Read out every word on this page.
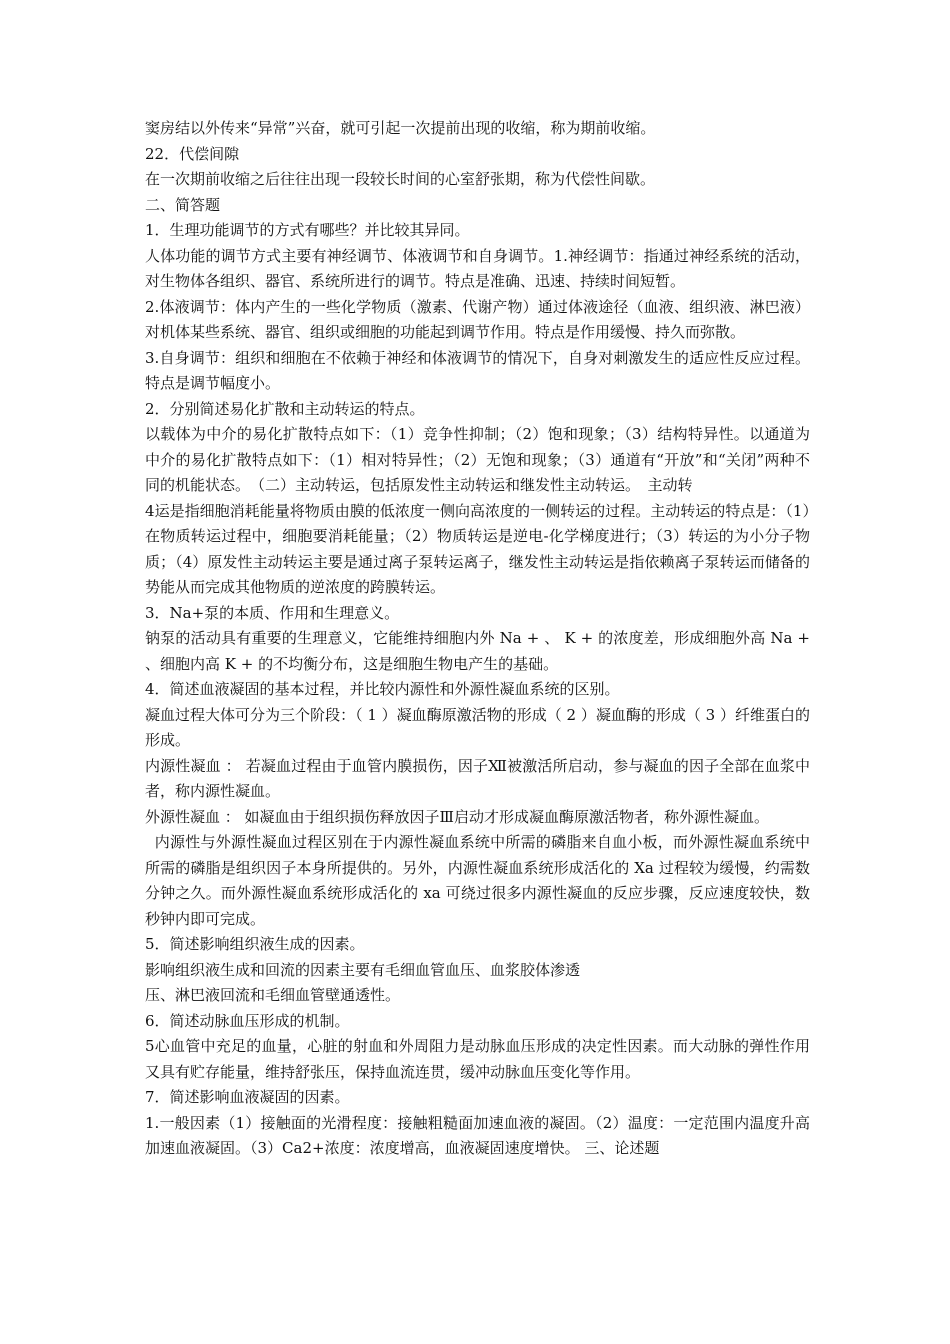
窦房结以外传来“异常”兴奋，就可引起一次提前出现的收缩，称为期前收缩。

22．代偿间隙

在一次期前收缩之后往往出现一段较长时间的心室舒张期，称为代偿性间歇。

二、简答题

1．生理功能调节的方式有哪些？并比较其异同。

人体功能的调节方式主要有神经调节、体液调节和自身调节。1.神经调节：指通过神经系统的活动，对生物体各组织、器官、系统所进行的调节。特点是准确、迅速、持续时间短暂。

2.体液调节：体内产生的一些化学物质（激素、代谢产物）通过体液途径（血液、组织液、淋巴液）对机体某些系统、器官、组织或细胞的功能起到调节作用。特点是作用缓慢、持久而弥散。

3.自身调节：组织和细胞在不依赖于神经和体液调节的情况下，自身对刺激发生的适应性反应过程。特点是调节幅度小。

2．分别简述易化扩散和主动转运的特点。

以载体为中介的易化扩散特点如下：（1）竞争性抑制；（2）饱和现象；（3）结构特异性。以通道为中介的易化扩散特点如下：（1）相对特异性；（2）无饱和现象；（3）通道有“开放”和“关闭”两种不同的机能状态。　（二）主动转运，包括原发性主动转运和继发性主动转运。　主动转

4运是指细胞消耗能量将物质由膜的低浓度一侧向高浓度的一侧转运的过程。主动转运的特点是：（1）在物质转运过程中，细胞要消耗能量；（2）物质转运是逆电-化学梯度进行；（3）转运的为小分子物质；（4）原发性主动转运主要是通过离子泵转运离子，继发性主动转运是指依赖离子泵转运而储备的势能从而完成其他物质的逆浓度的跨膜转运。

3．Na+泵的本质、作用和生理意义。

钠泵的活动具有重要的生理意义，它能维持细胞内外 Na + 、 K + 的浓度差，形成细胞外高 Na + 、细胞内高 K + 的不均衡分布，这是细胞生物电产生的基础。

4．简述血液凝固的基本过程，并比较内源性和外源性凝血系统的区别。

凝血过程大体可分为三个阶段：（ 1 ）凝血酶原激活物的形成（ 2 ）凝血酶的形成（ 3 ）纤维蛋白的形成。

内源性凝血 ： 若凝血过程由于血管内膜损伤，因子Ⅻ被激活所启动，参与凝血的因子全部在血浆中者，称内源性凝血。

外源性凝血 ： 如凝血由于组织损伤释放因子Ⅲ启动才形成凝血酶原激活物者，称外源性凝血。

内源性与外源性凝血过程区别在于内源性凝血系统中所需的磷脂来自血小板，而外源性凝血系统中所需的磷脂是组织因子本身所提供的。另外，内源性凝血系统形成活化的 Xa 过程较为缓慢，约需数分钟之久。而外源性凝血系统形成活化的 xa 可绕过很多内源性凝血的反应步骤，反应速度较快，数秒钟内即可完成。

5．简述影响组织液生成的因素。

影响组织液生成和回流的因素主要有毛细血管血压、血浆胶体渗透

压、淋巴液回流和毛细血管壁通透性。

6．简述动脉血压形成的机制。

5心血管中充足的血量，心脏的射血和外周阻力是动脉血压形成的决定性因素。而大动脉的弹性作用又具有贮存能量，维持舒张压，保持血流连贯，缓冲动脉血压变化等作用。

7．简述影响血液凝固的因素。

1.一般因素（1）接触面的光滑程度：接触粗糙面加速血液的凝固。（2）温度：一定范围内温度升高加速血液凝固。（3）Ca2+浓度：浓度增高，血液凝固速度增快。 三、论述题
